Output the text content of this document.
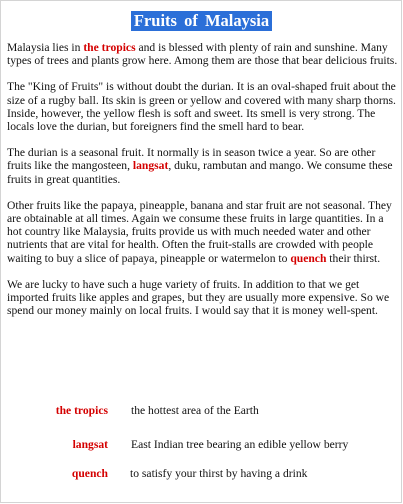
Fruits of Malaysia

Malaysia lies in the tropics and is blessed with plenty of rain and sunshine. Many types of trees and plants grow here. Among them are those that bear delicious fruits.

The "King of Fruits" is without doubt the durian. It is an oval-shaped fruit about the size of a rugby ball. Its skin is green or yellow and covered with many sharp thorns. Inside, however, the yellow flesh is soft and sweet. Its smell is very strong. The locals love the durian, but foreigners find the smell hard to bear.

The durian is a seasonal fruit. It normally is in season twice a year. So are other fruits like the mangosteen, langsat, duku, rambutan and mango. We consume these fruits in great quantities.

Other fruits like the papaya, pineapple, banana and star fruit are not seasonal. They are obtainable at all times. Again we consume these fruits in large quantities. In a hot country like Malaysia, fruits provide us with much needed water and other nutrients that are vital for health. Often the fruit-stalls are crowded with people waiting to buy a slice of papaya, pineapple or watermelon to quench their thirst.

We are lucky to have such a huge variety of fruits. In addition to that we get imported fruits like apples and grapes, but they are usually more expensive. So we spend our money mainly on local fruits. I would say that it is money well-spent.

the tropics the hottest area of the Earth
langsat East Indian tree bearing an edible yellow berry
quench to satisfy your thirst by having a drink
